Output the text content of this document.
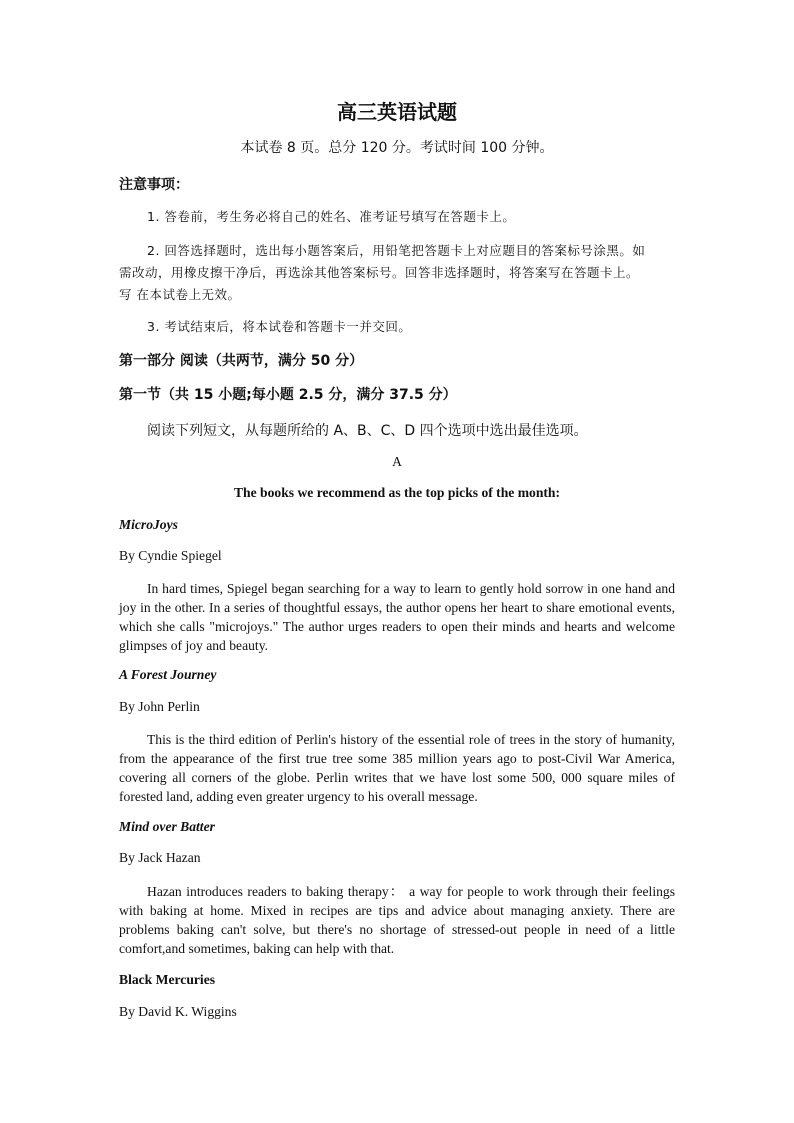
高三英语试题
本试卷 8 页。总分 120 分。考试时间 100 分钟。
注意事项：
1. 答卷前，考生务必将自己的姓名、准考证号填写在答题卡上。
2. 回答选择题时，选出每小题答案后，用铅笔把答题卡上对应题目的答案标号涂黑。如
需改动，用橡皮擦干净后，再选涂其他答案标号。回答非选择题时，将答案写在答题卡上。
写 在本试卷上无效。
3. 考试结束后，将本试卷和答题卡一并交回。
第一部分 阅读（共两节，满分 50 分）
第一节（共 15 小题;每小题 2.5 分，满分 37.5 分）
阅读下列短文，从每题所给的 A、B、C、D 四个选项中选出最佳选项。
A
The books we recommend as the top picks of the month:
MicroJoys
By Cyndie Spiegel
In hard times, Spiegel began searching for a way to learn to gently hold sorrow in one hand and joy in the other. In a series of thoughtful essays, the author opens her heart to share emotional events, which she calls "microjoys." The author urges readers to open their minds and hearts and welcome glimpses of joy and beauty.
A Forest Journey
By John Perlin
This is the third edition of Perlin's history of the essential role of trees in the story of humanity, from the appearance of the first true tree some 385 million years ago to post-Civil War America, covering all corners of the globe. Perlin writes that we have lost some 500, 000 square miles of forested land, adding even greater urgency to his overall message.
Mind over Batter
By Jack Hazan
Hazan introduces readers to baking therapy： a way for people to work through their feelings with baking at home. Mixed in recipes are tips and advice about managing anxiety. There are problems baking can't solve, but there's no shortage of stressed-out people in need of a little comfort,and sometimes, baking can help with that.
Black Mercuries
By David K. Wiggins
